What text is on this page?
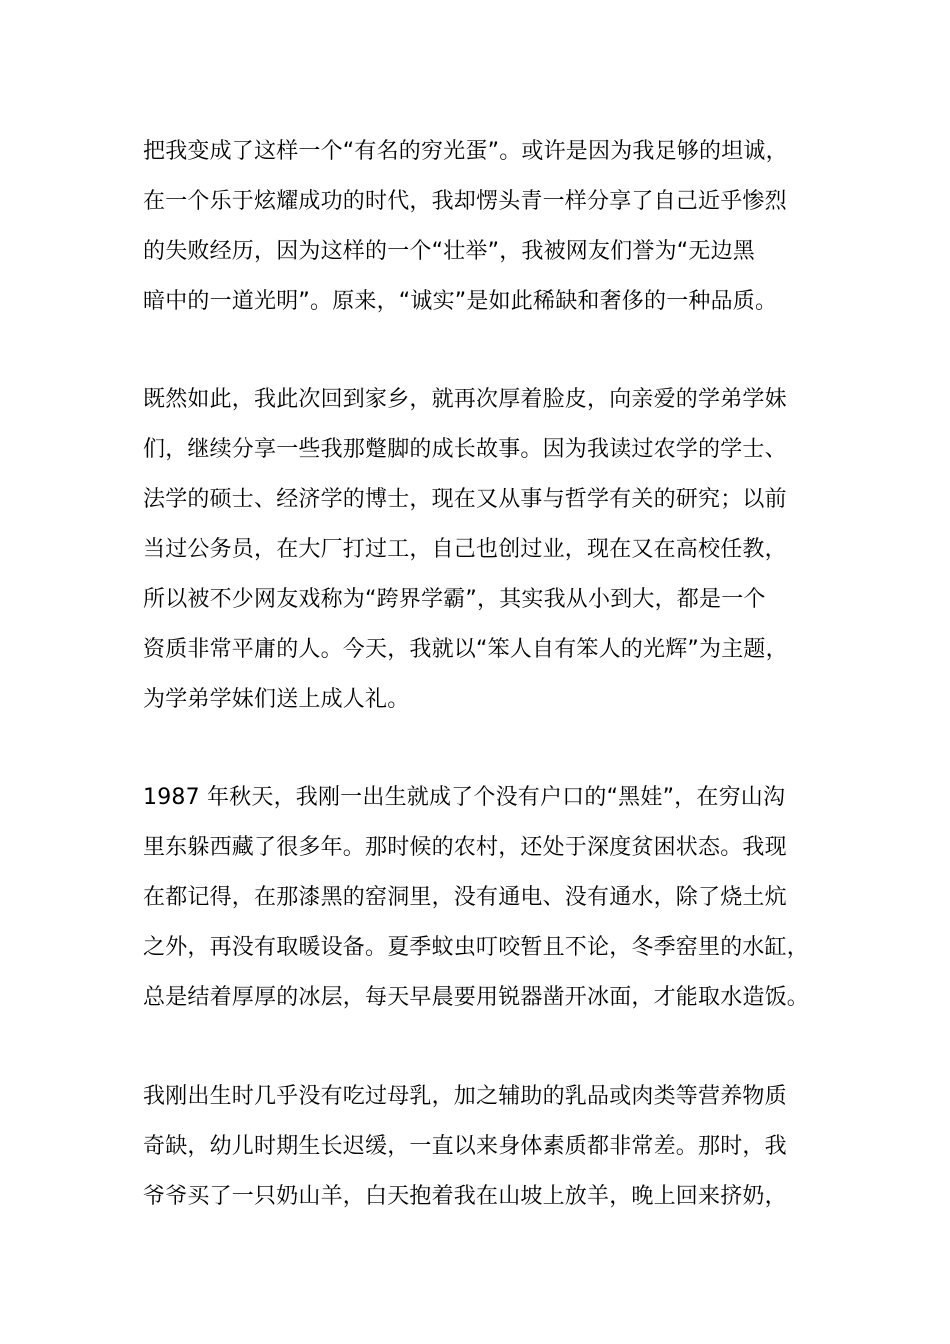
把我变成了这样一个“有名的穷光蛋”。或许是因为我足够的坦诚，
在一个乐于炫耀成功的时代，我却愣头青一样分享了自己近乎惨烈
的失败经历，因为这样的一个“壮举”，我被网友们誉为“无边黑
暗中的一道光明”。原来，“诚实”是如此稀缺和奢侈的一种品质。
既然如此，我此次回到家乡，就再次厚着脸皮，向亲爱的学弟学妹
们，继续分享一些我那蹩脚的成长故事。因为我读过农学的学士、
法学的硕士、经济学的博士，现在又从事与哲学有关的研究；以前
当过公务员，在大厂打过工，自己也创过业，现在又在高校任教，
所以被不少网友戏称为“跨界学霸”，其实我从小到大，都是一个
资质非常平庸的人。今天，我就以“笨人自有笨人的光辉”为主题，
为学弟学妹们送上成人礼。
1987 年秋天，我刚一出生就成了个没有户口的“黑娃”，在穷山沟
里东躲西藏了很多年。那时候的农村，还处于深度贫困状态。我现
在都记得，在那漆黑的窑洞里，没有通电、没有通水，除了烧土炕
之外，再没有取暖设备。夏季蚊虫叮咬暂且不论，冬季窑里的水缸，
总是结着厚厚的冰层，每天早晨要用锐器凿开冰面，才能取水造饭。
我刚出生时几乎没有吃过母乳，加之辅助的乳品或肉类等营养物质
奇缺，幼儿时期生长迟缓，一直以来身体素质都非常差。那时，我
爷爷买了一只奶山羊，白天抱着我在山坡上放羊，晚上回来挤奶，
